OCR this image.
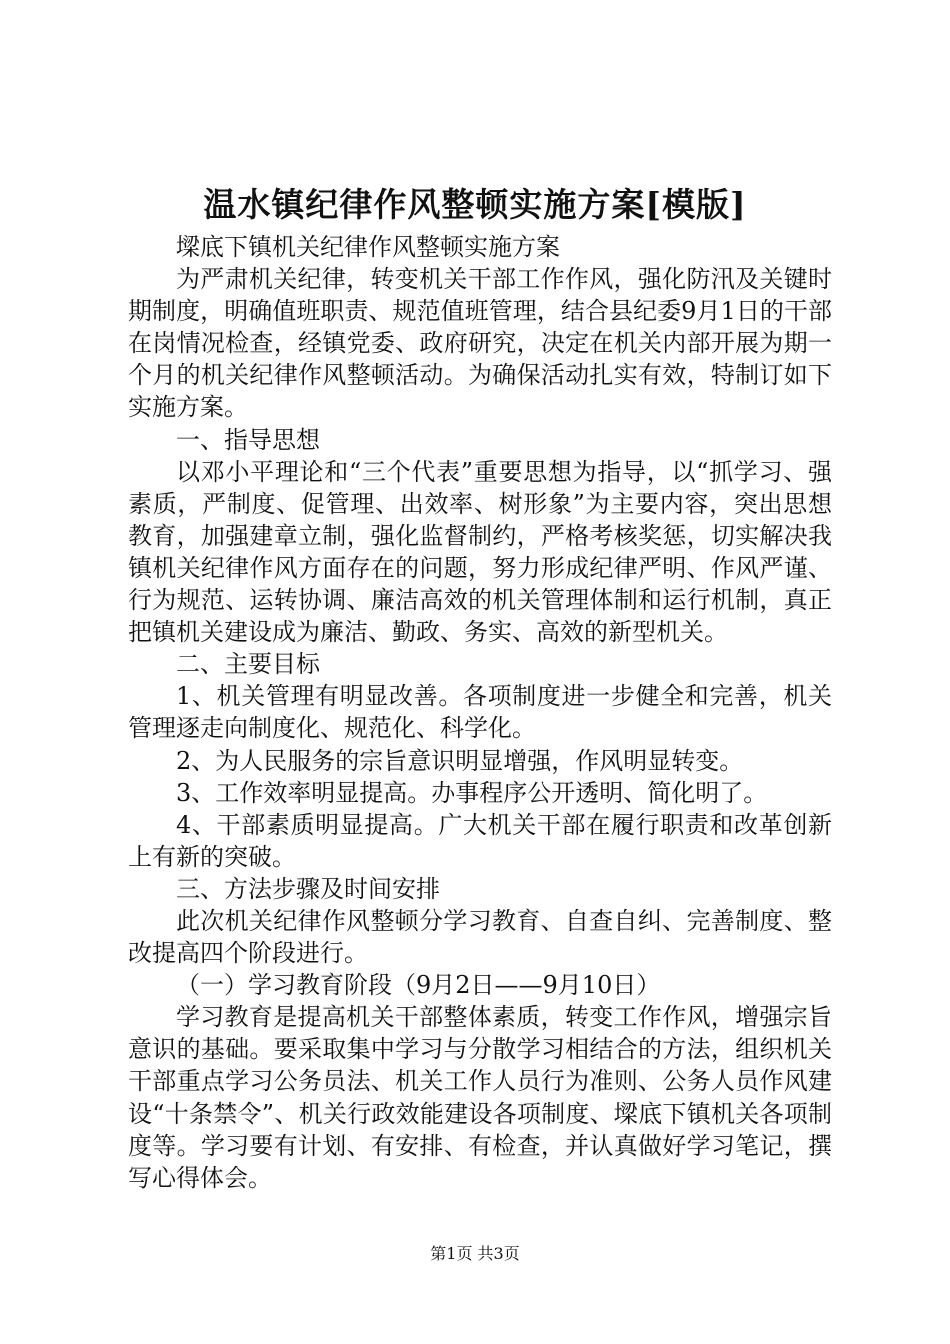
温水镇纪律作风整顿实施方案[模版]

墚底下镇机关纪律作风整顿实施方案

为严肃机关纪律，转变机关干部工作作风，强化防汛及关键时期制度，明确值班职责、规范值班管理，结合县纪委9月1日的干部在岗情况检查，经镇党委、政府研究，决定在机关内部开展为期一个月的机关纪律作风整顿活动。为确保活动扎实有效，特制订如下实施方案。

一、指导思想

以邓小平理论和“三个代表”重要思想为指导，以“抓学习、强素质，严制度、促管理、出效率、树形象”为主要内容，突出思想教育，加强建章立制，强化监督制约，严格考核奖惩，切实解决我镇机关纪律作风方面存在的问题，努力形成纪律严明、作风严谨、行为规范、运转协调、廉洁高效的机关管理体制和运行机制，真正把镇机关建设成为廉洁、勤政、务实、高效的新型机关。

二、主要目标

1、机关管理有明显改善。各项制度进一步健全和完善，机关管理逐走向制度化、规范化、科学化。

2、为人民服务的宗旨意识明显增强，作风明显转变。

3、工作效率明显提高。办事程序公开透明、简化明了。

4、干部素质明显提高。广大机关干部在履行职责和改革创新上有新的突破。

三、方法步骤及时间安排

此次机关纪律作风整顿分学习教育、自查自纠、完善制度、整改提高四个阶段进行。

（一）学习教育阶段（9月2日——9月10日）

学习教育是提高机关干部整体素质，转变工作作风，增强宗旨意识的基础。要采取集中学习与分散学习相结合的方法，组织机关干部重点学习公务员法、机关工作人员行为准则、公务人员作风建设“十条禁令”、机关行政效能建设各项制度、墚底下镇机关各项制度等。学习要有计划、有安排、有检查，并认真做好学习笔记，撰写心得体会。

第1页 共3页
